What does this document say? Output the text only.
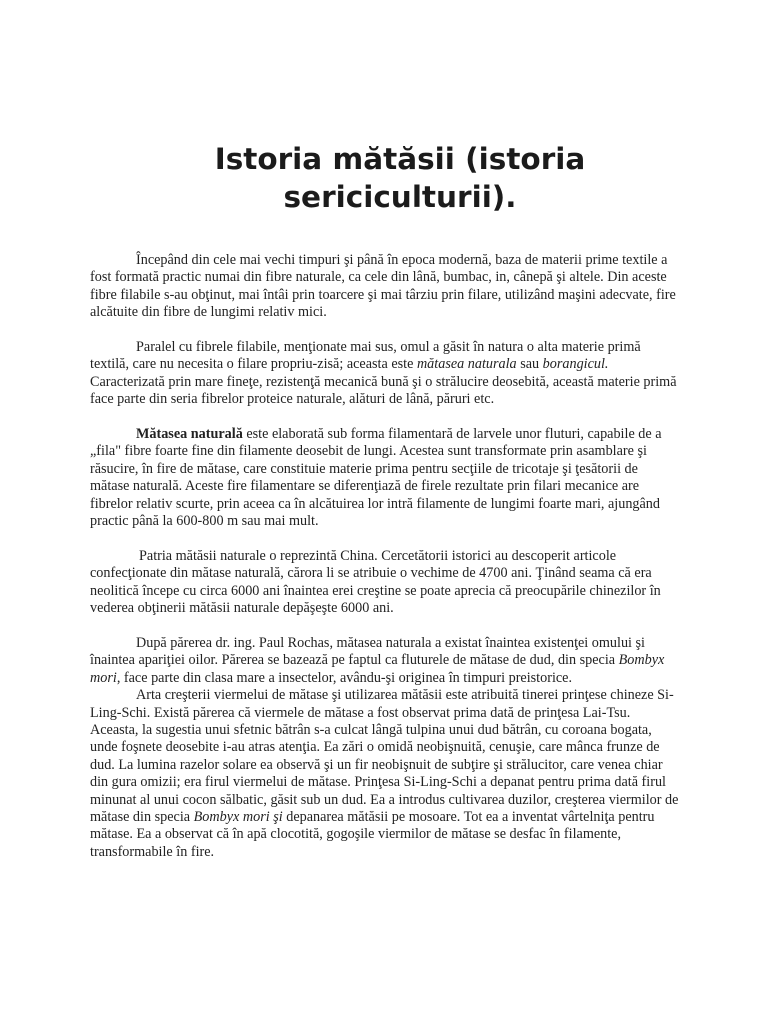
Istoria mătăsii (istoria sericiculturii).

Începând din cele mai vechi timpuri şi până în epoca modernă, baza de materii prime textile a fost formată practic numai din fibre naturale, ca cele din lână, bumbac, in, cânepă şi altele. Din aceste fibre filabile s-au obţinut, mai întâi prin toarcere şi mai târziu prin filare, utilizând maşini adecvate, fire alcătuite din fibre de lungimi relativ mici.

Paralel cu fibrele filabile, menţionate mai sus, omul a găsit în natura o alta materie primă textilă, care nu necesita o filare propriu-zisă; aceasta este mătasea naturala sau borangicul. Caracterizată prin mare fineţe, rezistenţă mecanică bună şi o strălucire deosebită, această materie primă face parte din seria fibrelor proteice naturale, alături de lână, păruri etc.

Mătasea naturală este elaborată sub forma filamentară de larvele unor fluturi, capabile de a „fila" fibre foarte fine din filamente deosebit de lungi. Acestea sunt transformate prin asamblare şi răsucire, în fire de mătase, care constituie materie prima pentru secţiile de tricotaje şi ţesătorii de mătase naturală. Aceste fire filamentare se diferenţiază de firele rezultate prin filari mecanice are fibrelor relativ scurte, prin aceea ca în alcătuirea lor intră filamente de lungimi foarte mari, ajungând practic până la 600-800 m sau mai mult.

Patria mătăsii naturale o reprezintă China. Cercetătorii istorici au descoperit articole confecţionate din mătase naturală, cărora li se atribuie o vechime de 4700 ani. Ţinând seama că era neolitică începe cu circa 6000 ani înaintea erei creştine se poate aprecia că preocupările chinezilor în vederea obţinerii mătăsii naturale depăşeşte 6000 ani.

După părerea dr. ing. Paul Rochas, mătasea naturala a existat înaintea existenţei omului şi înaintea apariţiei oilor. Părerea se bazează pe faptul ca fluturele de mătase de dud, din specia Bombyx mori, face parte din clasa mare a insectelor, avându-şi originea în timpuri preistorice.

Arta creşterii viermelui de mătase şi utilizarea mătăsii este atribuită tinerei prinţese chineze Si-Ling-Schi. Există părerea că viermele de mătase a fost observat prima dată de prinţesa Lai-Tsu. Aceasta, la sugestia unui sfetnic bătrân s-a culcat lângă tulpina unui dud bătrân, cu coroana bogata, unde foşnete deosebite i-au atras atenţia. Ea zări o omidă neobişnuită, cenuşie, care mânca frunze de dud. La lumina razelor solare ea observă şi un fir neobişnuit de subţire şi strălucitor, care venea chiar din gura omizii; era firul viermelui de mătase. Prinţesa Si-Ling-Schi a depanat pentru prima dată firul minunat al unui cocon sălbatic, găsit sub un dud. Ea a introdus cultivarea duzilor, creşterea viermilor de mătase din specia Bombyx mori şi depanarea mătăsii pe mosoare. Tot ea a inventat vârtelniţa pentru mătase. Ea a observat că în apă clocotită, gogoşile viermilor de mătase se desfac în filamente, transformabile în fire.
